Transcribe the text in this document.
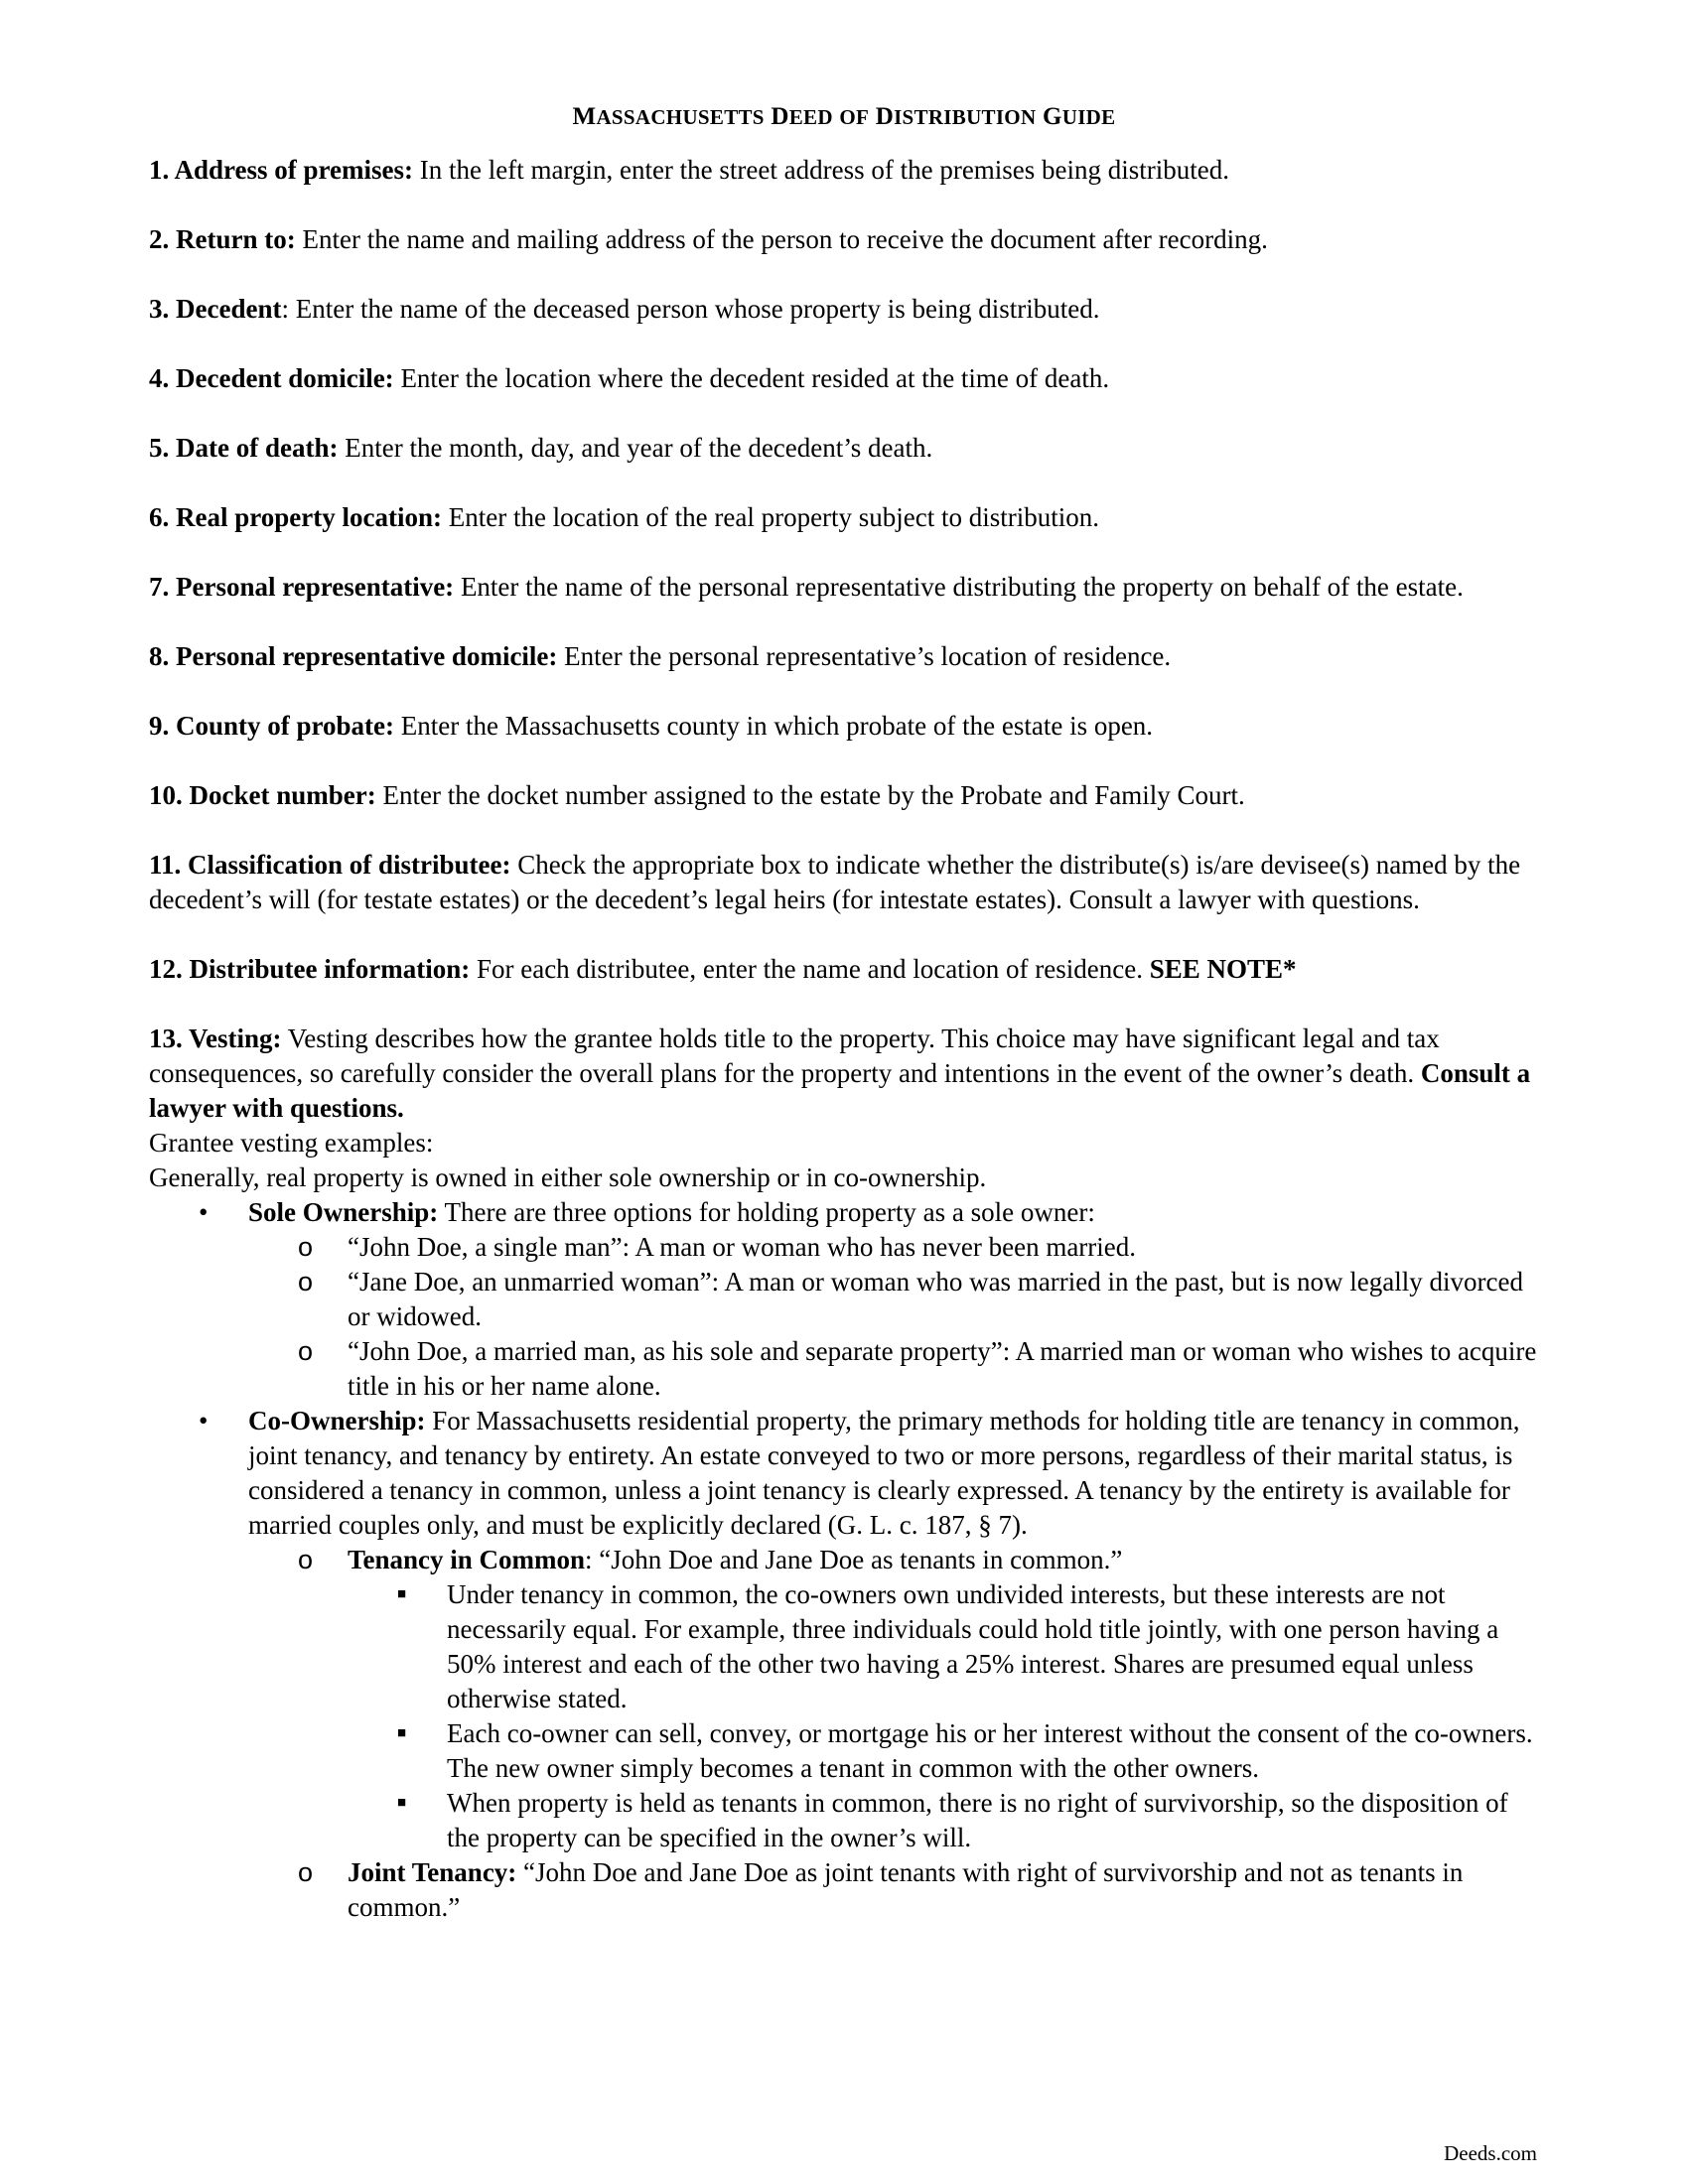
MASSACHUSETTS DEED OF DISTRIBUTION GUIDE
1. Address of premises: In the left margin, enter the street address of the premises being distributed.
2. Return to: Enter the name and mailing address of the person to receive the document after recording.
3. Decedent: Enter the name of the deceased person whose property is being distributed.
4. Decedent domicile: Enter the location where the decedent resided at the time of death.
5. Date of death: Enter the month, day, and year of the decedent’s death.
6. Real property location: Enter the location of the real property subject to distribution.
7. Personal representative: Enter the name of the personal representative distributing the property on behalf of the estate.
8. Personal representative domicile: Enter the personal representative’s location of residence.
9. County of probate: Enter the Massachusetts county in which probate of the estate is open.
10. Docket number: Enter the docket number assigned to the estate by the Probate and Family Court.
11. Classification of distributee: Check the appropriate box to indicate whether the distribute(s) is/are devisee(s) named by the decedent’s will (for testate estates) or the decedent’s legal heirs (for intestate estates). Consult a lawyer with questions.
12. Distributee information: For each distributee, enter the name and location of residence. SEE NOTE*
13. Vesting: Vesting describes how the grantee holds title to the property. This choice may have significant legal and tax consequences, so carefully consider the overall plans for the property and intentions in the event of the owner’s death. Consult a lawyer with questions.
Grantee vesting examples:
Generally, real property is owned in either sole ownership or in co-ownership.
• Sole Ownership: There are three options for holding property as a sole owner:
o “John Doe, a single man”: A man or woman who has never been married.
o “Jane Doe, an unmarried woman”: A man or woman who was married in the past, but is now legally divorced or widowed.
o “John Doe, a married man, as his sole and separate property”: A married man or woman who wishes to acquire title in his or her name alone.
• Co-Ownership: For Massachusetts residential property, the primary methods for holding title are tenancy in common, joint tenancy, and tenancy by entirety. An estate conveyed to two or more persons, regardless of their marital status, is considered a tenancy in common, unless a joint tenancy is clearly expressed. A tenancy by the entirety is available for married couples only, and must be explicitly declared (G. L. c. 187, § 7).
o Tenancy in Common: “John Doe and Jane Doe as tenants in common.”
■ Under tenancy in common, the co-owners own undivided interests, but these interests are not necessarily equal. For example, three individuals could hold title jointly, with one person having a 50% interest and each of the other two having a 25% interest. Shares are presumed equal unless otherwise stated.
■ Each co-owner can sell, convey, or mortgage his or her interest without the consent of the co-owners. The new owner simply becomes a tenant in common with the other owners.
■ When property is held as tenants in common, there is no right of survivorship, so the disposition of the property can be specified in the owner’s will.
o Joint Tenancy: “John Doe and Jane Doe as joint tenants with right of survivorship and not as tenants in common.”
Deeds.com
